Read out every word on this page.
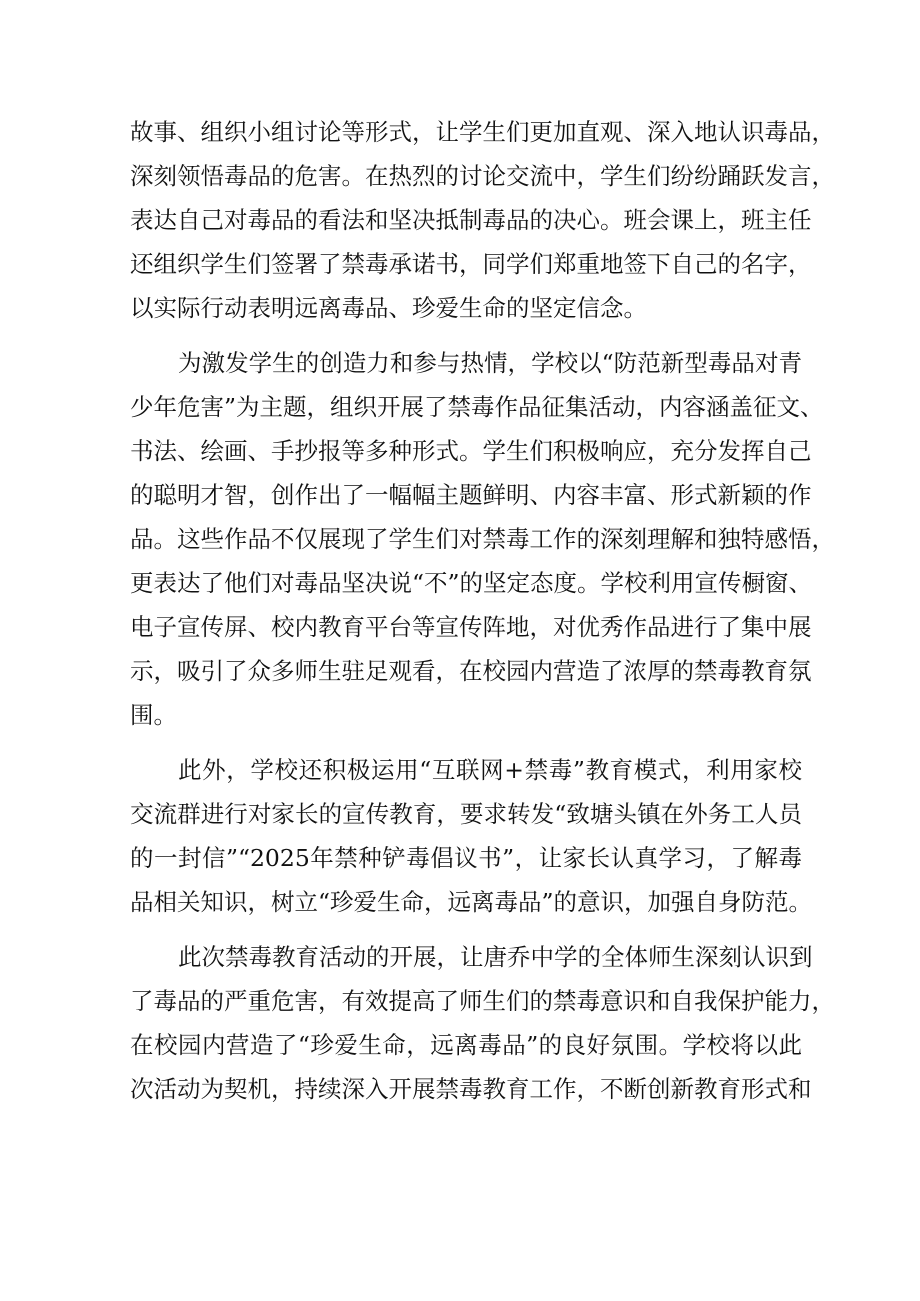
故事、组织小组讨论等形式，让学生们更加直观、深入地认识毒品，
深刻领悟毒品的危害。在热烈的讨论交流中，学生们纷纷踊跃发言，
表达自己对毒品的看法和坚决抵制毒品的决心。班会课上，班主任
还组织学生们签署了禁毒承诺书，同学们郑重地签下自己的名字，
以实际行动表明远离毒品、珍爱生命的坚定信念。

为激发学生的创造力和参与热情，学校以“防范新型毒品对青
少年危害”为主题，组织开展了禁毒作品征集活动，内容涵盖征文、
书法、绘画、手抄报等多种形式。学生们积极响应，充分发挥自己
的聪明才智，创作出了一幅幅主题鲜明、内容丰富、形式新颖的作
品。这些作品不仅展现了学生们对禁毒工作的深刻理解和独特感悟，
更表达了他们对毒品坚决说“不”的坚定态度。学校利用宣传橱窗、
电子宣传屏、校内教育平台等宣传阵地，对优秀作品进行了集中展
示，吸引了众多师生驻足观看，在校园内营造了浓厚的禁毒教育氛
围。

此外，学校还积极运用“互联网+禁毒”教育模式，利用家校
交流群进行对家长的宣传教育，要求转发“致塘头镇在外务工人员
的一封信”“2025年禁种铲毒倡议书”，让家长认真学习，了解毒
品相关知识，树立“珍爱生命，远离毒品”的意识，加强自身防范。

此次禁毒教育活动的开展，让唐乔中学的全体师生深刻认识到
了毒品的严重危害，有效提高了师生们的禁毒意识和自我保护能力，
在校园内营造了“珍爱生命，远离毒品”的良好氛围。学校将以此
次活动为契机，持续深入开展禁毒教育工作，不断创新教育形式和
